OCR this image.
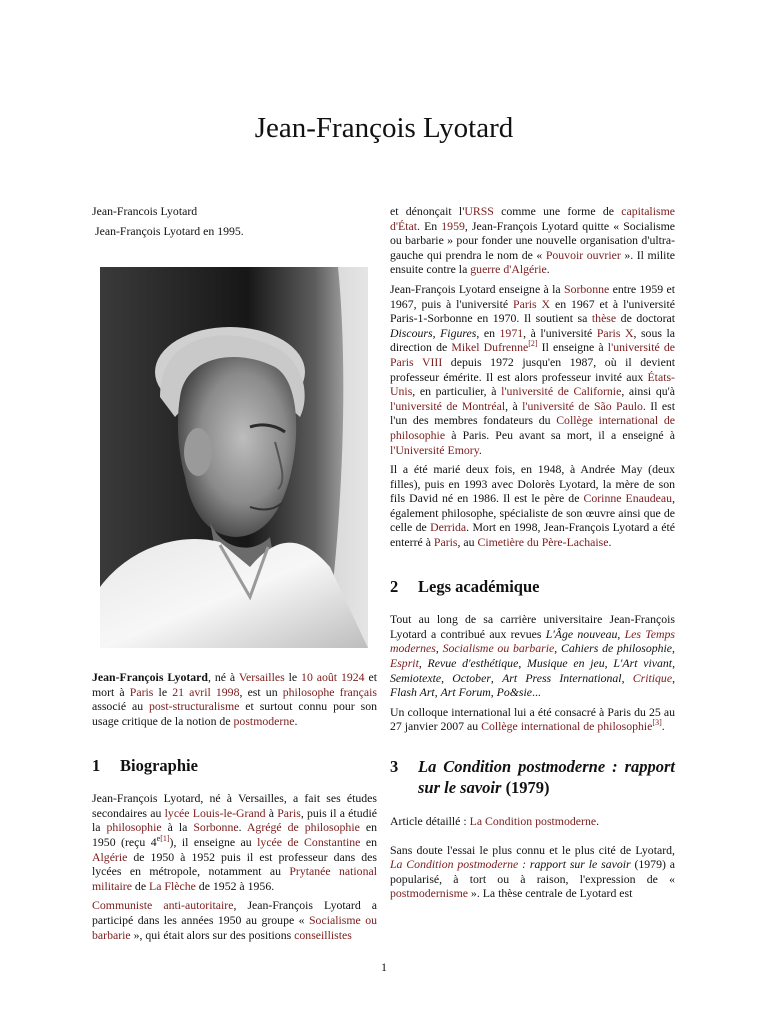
Jean-François Lyotard

Jean-Francois Lyotard

Jean-François Lyotard en 1995.

Jean-François Lyotard, né à Versailles le 10 août 1924 et mort à Paris le 21 avril 1998, est un philosophe français associé au post-structuralisme et surtout connu pour son usage critique de la notion de postmoderne.

1	Biographie

Jean-François Lyotard, né à Versailles, a fait ses études secondaires au lycée Louis-le-Grand à Paris, puis il a étudié la philosophie à la Sorbonne. Agrégé de philosophie en 1950 (reçu $4^{e[1]}$), il enseigne au lycée de Constantine en Algérie de 1950 à 1952 puis il est professeur dans des lycées en métropole, notamment au Prytanée national militaire de La Flèche de 1952 à 1956.

Communiste anti-autoritaire, Jean-François Lyotard a participé dans les années 1950 au groupe « Socialisme ou barbarie », qui était alors sur des positions conseillistes

et dénonçait l'URSS comme une forme de capitalisme d'État. En 1959, Jean-François Lyotard quitte « Socialisme ou barbarie » pour fonder une nouvelle organisation d'ultra-gauche qui prendra le nom de « Pouvoir ouvrier ». Il milite ensuite contre la guerre d'Algérie.

Jean-François Lyotard enseigne à la Sorbonne entre 1959 et 1967, puis à l'université Paris X en 1967 et à l'université Paris-1-Sorbonne en 1970. Il soutient sa thèse de doctorat Discours, Figures, en 1971, à l'université Paris X, sous la direction de Mikel Dufrenne[2] Il enseigne à l'université de Paris VIII depuis 1972 jusqu'en 1987, où il devient professeur émérite. Il est alors professeur invité aux États-Unis, en particulier, à l'université de Californie, ainsi qu'à l'université de Montréal, à l'université de São Paulo. Il est l'un des membres fondateurs du Collège international de philosophie à Paris. Peu avant sa mort, il a enseigné à l'Université Emory.

Il a été marié deux fois, en 1948, à Andrée May (deux filles), puis en 1993 avec Dolorès Lyotard, la mère de son fils David né en 1986. Il est le père de Corinne Enaudeau, également philosophe, spécialiste de son œuvre ainsi que de celle de Derrida. Mort en 1998, Jean-François Lyotard a été enterré à Paris, au Cimetière du Père-Lachaise.

2	Legs académique

Tout au long de sa carrière universitaire Jean-François Lyotard a contribué aux revues L'Âge nouveau, Les Temps modernes, Socialisme ou barbarie, Cahiers de philosophie, Esprit, Revue d'esthétique, Musique en jeu, L'Art vivant, Semiotexte, October, Art Press International, Critique, Flash Art, Art Forum, Po&sie...

Un colloque international lui a été consacré à Paris du 25 au 27 janvier 2007 au Collège international de philosophie[3].

3	La Condition postmoderne : rapport sur le savoir (1979)

Article détaillé : La Condition postmoderne.

Sans doute l'essai le plus connu et le plus cité de Lyotard, La Condition postmoderne : rapport sur le savoir (1979) a popularisé, à tort ou à raison, l'expression de « postmodernisme ». La thèse centrale de Lyotard est

1
